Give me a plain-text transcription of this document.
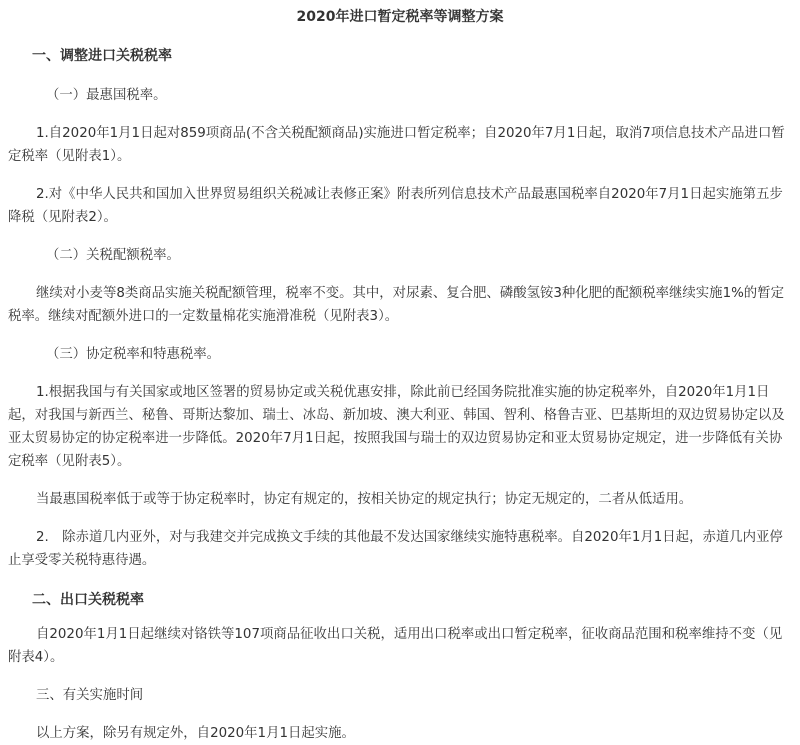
2020年进口暂定税率等调整方案

一、调整进口关税税率

（一）最惠国税率。

1.自2020年1月1日起对859项商品(不含关税配额商品)实施进口暂定税率；自2020年7月1日起，取消7项信息技术产品进口暂定税率（见附表1）。

2.对《中华人民共和国加入世界贸易组织关税减让表修正案》附表所列信息技术产品最惠国税率自2020年7月1日起实施第五步降税（见附表2）。

（二）关税配额税率。

继续对小麦等8类商品实施关税配额管理，税率不变。其中，对尿素、复合肥、磷酸氢铵3种化肥的配额税率继续实施1%的暂定税率。继续对配额外进口的一定数量棉花实施滑准税（见附表3）。

（三）协定税率和特惠税率。

1.根据我国与有关国家或地区签署的贸易协定或关税优惠安排，除此前已经国务院批准实施的协定税率外，自2020年1月1日起，对我国与新西兰、秘鲁、哥斯达黎加、瑞士、冰岛、新加坡、澳大利亚、韩国、智利、格鲁吉亚、巴基斯坦的双边贸易协定以及亚太贸易协定的协定税率进一步降低。2020年7月1日起，按照我国与瑞士的双边贸易协定和亚太贸易协定规定，进一步降低有关协定税率（见附表5）。

当最惠国税率低于或等于协定税率时，协定有规定的，按相关协定的规定执行；协定无规定的，二者从低适用。

2.　除赤道几内亚外，对与我建交并完成换文手续的其他最不发达国家继续实施特惠税率。自2020年1月1日起，赤道几内亚停止享受零关税特惠待遇。

二、出口关税税率

自2020年1月1日起继续对铬铁等107项商品征收出口关税，适用出口税率或出口暂定税率，征收商品范围和税率维持不变（见附表4）。

三、有关实施时间

以上方案，除另有规定外，自2020年1月1日起实施。
